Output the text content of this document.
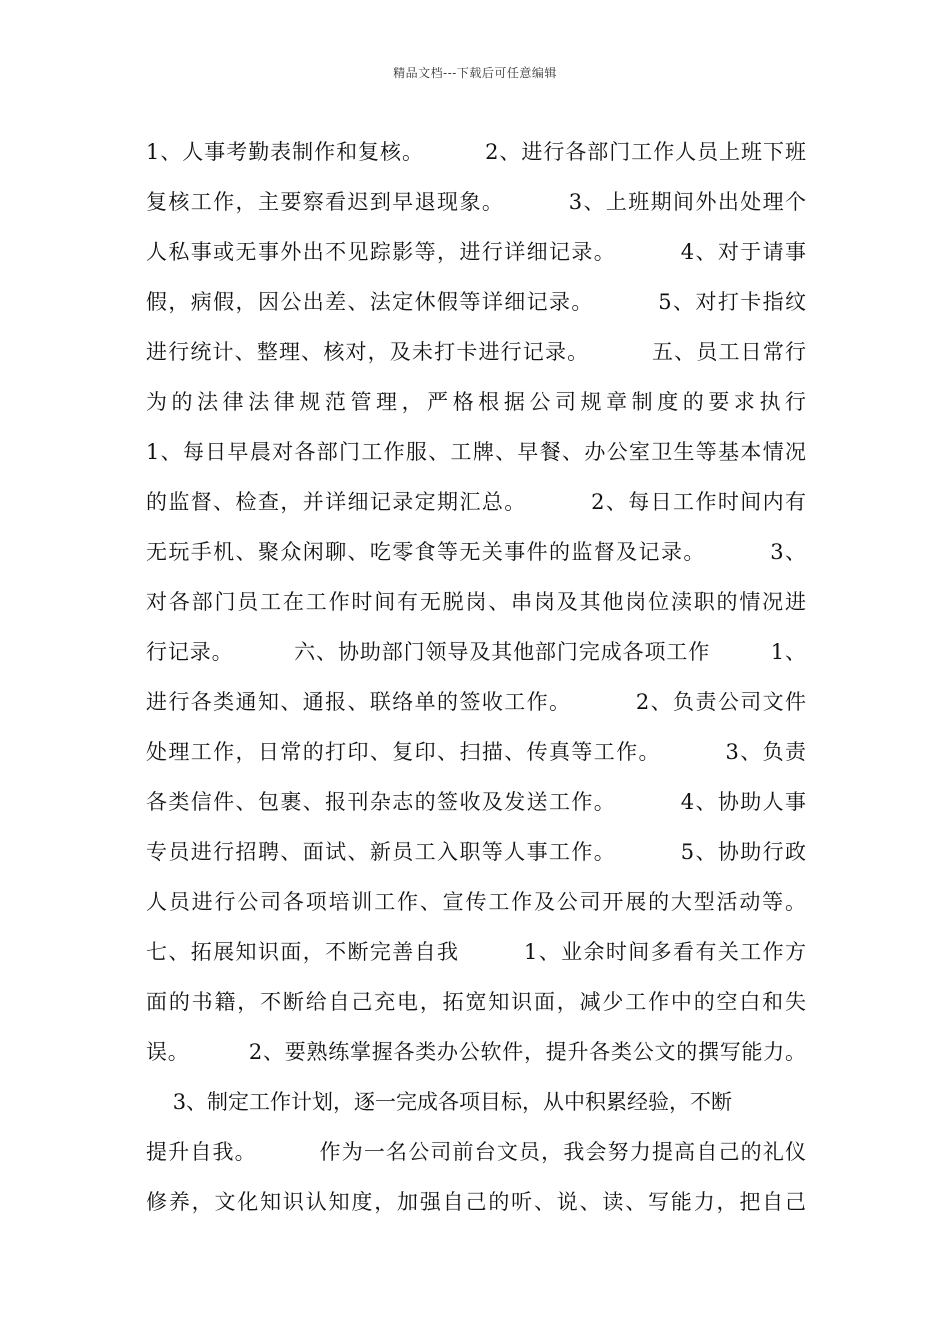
精品文档---下载后可任意编辑
1、人事考勤表制作和复核。        2、进行各部门工作人员上班下班
复核工作，主要察看迟到早退现象。        3、上班期间外出处理个
人私事或无事外出不见踪影等，进行详细记录。        4、对于请事
假，病假，因公出差、法定休假等详细记录。        5、对打卡指纹
进行统计、整理、核对，及未打卡进行记录。        五、员工日常行
为的法律法律规范管理，严格根据公司规章制度的要求执行
1、每日早晨对各部门工作服、工牌、早餐、办公室卫生等基本情况
的监督、检查，并详细记录定期汇总。        2、每日工作时间内有
无玩手机、聚众闲聊、吃零食等无关事件的监督及记录。        3、
对各部门员工在工作时间有无脱岗、串岗及其他岗位渎职的情况进
行记录。        六、协助部门领导及其他部门完成各项工作        1、
进行各类通知、通报、联络单的签收工作。        2、负责公司文件
处理工作，日常的打印、复印、扫描、传真等工作。        3、负责
各类信件、包裹、报刊杂志的签收及发送工作。        4、协助人事
专员进行招聘、面试、新员工入职等人事工作。        5、协助行政
人员进行公司各项培训工作、宣传工作及公司开展的大型活动等。
七、拓展知识面，不断完善自我        1、业余时间多看有关工作方
面的书籍，不断给自己充电，拓宽知识面，减少工作中的空白和失
误。        2、要熟练掌握各类办公软件，提升各类公文的撰写能力。
3、制定工作计划，逐一完成各项目标，从中积累经验，不断
提升自我。        作为一名公司前台文员，我会努力提高自己的礼仪
修养，文化知识认知度，加强自己的听、说、读、写能力，把自己
